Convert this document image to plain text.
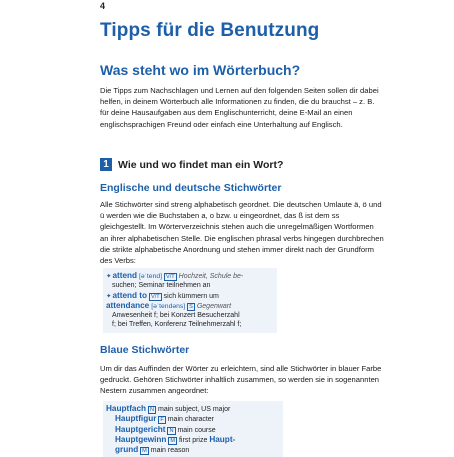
4
Tipps für die Benutzung
Was steht wo im Wörterbuch?
Die Tipps zum Nachschlagen und Lernen auf den folgenden Seiten sollen dir dabei helfen, in deinem Wörterbuch alle Informationen zu finden, die du brauchst – z. B. für deine Hausaufgaben aus dem Englischunterricht, deine E-Mail an einen englischsprachigen Freund oder einfach eine Unterhaltung auf Englisch.
1 Wie und wo findet man ein Wort?
Englische und deutsche Stichwörter
Alle Stichwörter sind streng alphabetisch geordnet. Die deutschen Umlaute ä, ö und ü werden wie die Buchstaben a, o bzw. u eingeordnet, das ß ist dem ss gleichgestellt. Im Wörterverzeichnis stehen auch die unregelmäßigen Wortformen an ihrer alphabetischen Stelle. Die englischen phrasal verbs hingegen durchbrechen die strikte alphabetische Anordnung und stehen immer direkt nach der Grundform des Verbs:
✦attend [əˈtend] V/T Hochzeit, Schule be-
suchen; Seminar teilnehmen an
✦attend to V/T sich kümmern um
attendance [əˈtendəns] S Gegenwart
Anwesenheit f; bei Konzert Besucherzahl
f; bei Treffen, Konferenz Teilnehmerzahl f;
Blaue Stichwörter
Um dir das Auffinden der Wörter zu erleichtern, sind alle Stichwörter in blauer Farbe gedruckt. Gehören Stichwörter inhaltlich zusammen, so werden sie in sogenannten Nestern zusammen angeordnet:
Hauptfach N main subject, US major
Hauptfigur F main character
Hauptgericht N main course
Hauptgewinn M first prize Haupt-
grund M main reason
